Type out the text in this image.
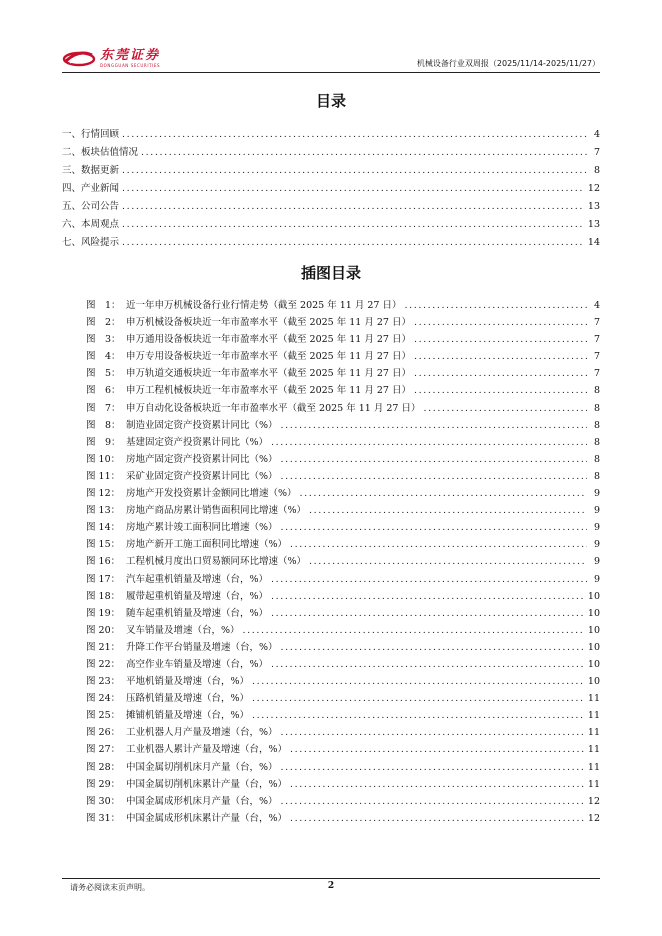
东莞证券
DONGGUAN SECURITIES	机械设备行业双周报（2025/11/14-2025/11/27）
目录
一、行情回顾 .....	4
二、板块估值情况 .....	7
三、数据更新 .....	8
四、产业新闻 .....	12
五、公司公告 .....	13
六、本周观点 .....	13
七、风险提示 .....	14
插图目录
图　1： 近一年申万机械设备行业行情走势（截至 2025 年 11 月 27 日） .....	4
图　2： 申万机械设备板块近一年市盈率水平（截至 2025 年 11 月 27 日） .....	7
图　3： 申万通用设备板块近一年市盈率水平（截至 2025 年 11 月 27 日） .....	7
图　4： 申万专用设备板块近一年市盈率水平（截至 2025 年 11 月 27 日） .....	7
图　5： 申万轨道交通板块近一年市盈率水平（截至 2025 年 11 月 27 日） .....	7
图　6： 申万工程机械板块近一年市盈率水平（截至 2025 年 11 月 27 日） .....	8
图　7： 申万自动化设备板块近一年市盈率水平（截至 2025 年 11 月 27 日） .....	8
图　8： 制造业固定资产投资累计同比（%） .....	8
图　9： 基建固定资产投资累计同比（%） .....	8
图 10： 房地产固定资产投资累计同比（%） .....	8
图 11： 采矿业固定资产投资累计同比（%） .....	8
图 12： 房地产开发投资累计金额同比增速（%） .....	9
图 13： 房地产商品房累计销售面积同比增速（%） .....	9
图 14： 房地产累计竣工面积同比增速（%） .....	9
图 15： 房地产新开工施工面积同比增速（%） .....	9
图 16： 工程机械月度出口贸易额同环比增速（%） .....	9
图 17： 汽车起重机销量及增速（台，%） .....	9
图 18： 履带起重机销量及增速（台，%） .....	10
图 19： 随车起重机销量及增速（台，%） .....	10
图 20： 叉车销量及增速（台，%） .....	10
图 21： 升降工作平台销量及增速（台，%） .....	10
图 22： 高空作业车销量及增速（台，%） .....	10
图 23： 平地机销量及增速（台，%） .....	10
图 24： 压路机销量及增速（台，%） .....	11
图 25： 摊铺机销量及增速（台，%） .....	11
图 26： 工业机器人月产量及增速（台，%） .....	11
图 27： 工业机器人累计产量及增速（台，%） .....	11
图 28： 中国金属切削机床月产量（台，%） .....	11
图 29： 中国金属切削机床累计产量（台，%） .....	11
图 30： 中国金属成形机床月产量（台，%） .....	12
图 31： 中国金属成形机床累计产量（台，%） .....	12
请务必阅读末页声明。	2
